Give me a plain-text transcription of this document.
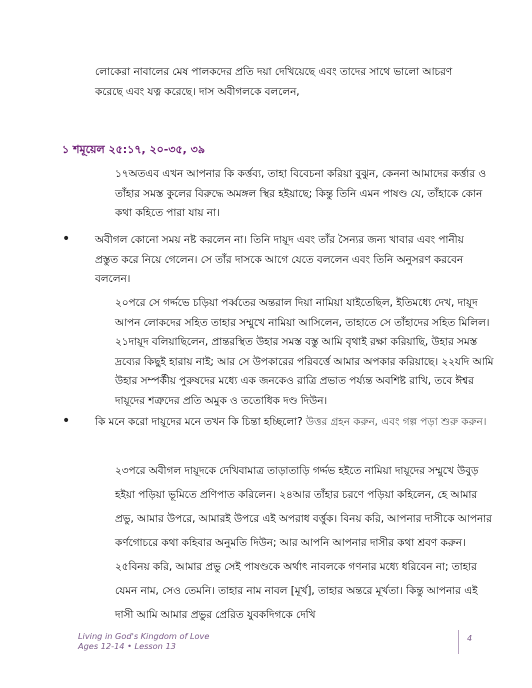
লোকেরা নাবালের মেষ পালকদের প্রতি দয়া দেখিয়েছে এবং তাদের সাথে ভালো আচরণ করেছে এবং যত্ন করেছে। দাস অবীগলকে বললেন,

১ শমূয়েল ২৫:১৭, ২০-৩৫, ৩৯

১৭অতএব এখন আপনার কি কর্ত্তব্য, তাহা বিবেচনা করিয়া বুঝুন, কেননা আমাদের কর্ত্তার ও তাঁহার সমস্ত কুলের বিরুদ্ধে অমঙ্গল স্থির হইয়াছে; কিন্তু তিনি এমন পাষণ্ড যে, তাঁহাকে কোন কথা কহিতে পারা যায় না।

• অবীগল কোনো সময় নষ্ট করলেন না। তিনি দায়ূদ এবং তাঁর সৈন্যর জন্য খাবার এবং পানীয় প্রস্তুত করে নিয়ে গেলেন। সে তাঁর দাসকে আগে যেতে বললেন এবং তিনি অনুসরণ করবেন বললেন।

২০পরে সে গর্দ্দভে চড়িয়া পর্ব্বতের অন্তরাল দিয়া নামিয়া যাইতেছিল, ইতিমধ্যে দেখ, দায়ূদ আপন লোকদের সহিত তাহার সম্মুখে নামিয়া আসিলেন, তাহাতে সে তাঁহাদের সহিত মিলিল। ২১দায়ূদ বলিয়াছিলেন, প্রান্তরস্থিত উহার সমস্ত বস্তু আমি বৃথাই রক্ষা করিয়াছি, উহার সমস্ত দ্রব্যের কিছুই হারায় নাই; আর সে উপকারের পরিবর্ত্তে আমার অপকার করিয়াছে। ২২যদি আমি উহার সম্পর্কীয় পুরুষদের মধ্যে এক জনকেও রাত্রি প্রভাত পর্য্যন্ত অবশিষ্ট রাখি, তবে ঈশ্বর দায়ূদের শত্রুদের প্রতি অমুক ও ততোধিক দণ্ড দিউন।

• কি মনে করো দায়ূদের মনে তখন কি চিন্তা হচ্ছিলো? উত্তর গ্রহন করুন, এবং গল্প পড়া শুরু করুন।

২৩পরে অবীগল দায়ূদকে দেখিবামাত্র তাড়াতাড়ি গর্দ্দভ হইতে নামিয়া দায়ূদের সম্মুখে উবুড় হইয়া পড়িয়া ভূমিতে প্রণিপাত করিলেন। ২৪আর তাঁহার চরণে পড়িয়া কহিলেন, হে আমার প্রভু, আমার উপরে, আমারই উপরে এই অপরাধ বর্ত্তুক। বিনয় করি, আপনার দাসীকে আপনার কর্ণগোচরে কথা কহিবার অনুমতি দিউন; আর আপনি আপনার দাসীর কথা শ্রবণ করুন। ২৫বিনয় করি, আমার প্রভু সেই পাষণ্ডকে অর্থাৎ নাবলকে গণনার মধ্যে ধরিবেন না; তাহার যেমন নাম, সেও তেমনি। তাহার নাম নাবল [মূর্খ], তাহার অন্তরে মূর্খতা। কিন্তু আপনার এই দাসী আমি আমার প্রভুর প্রেরিত যুবকদিগকে দেখি

Living in God's Kingdom of Love
Ages 12-14 • Lesson 13
4
